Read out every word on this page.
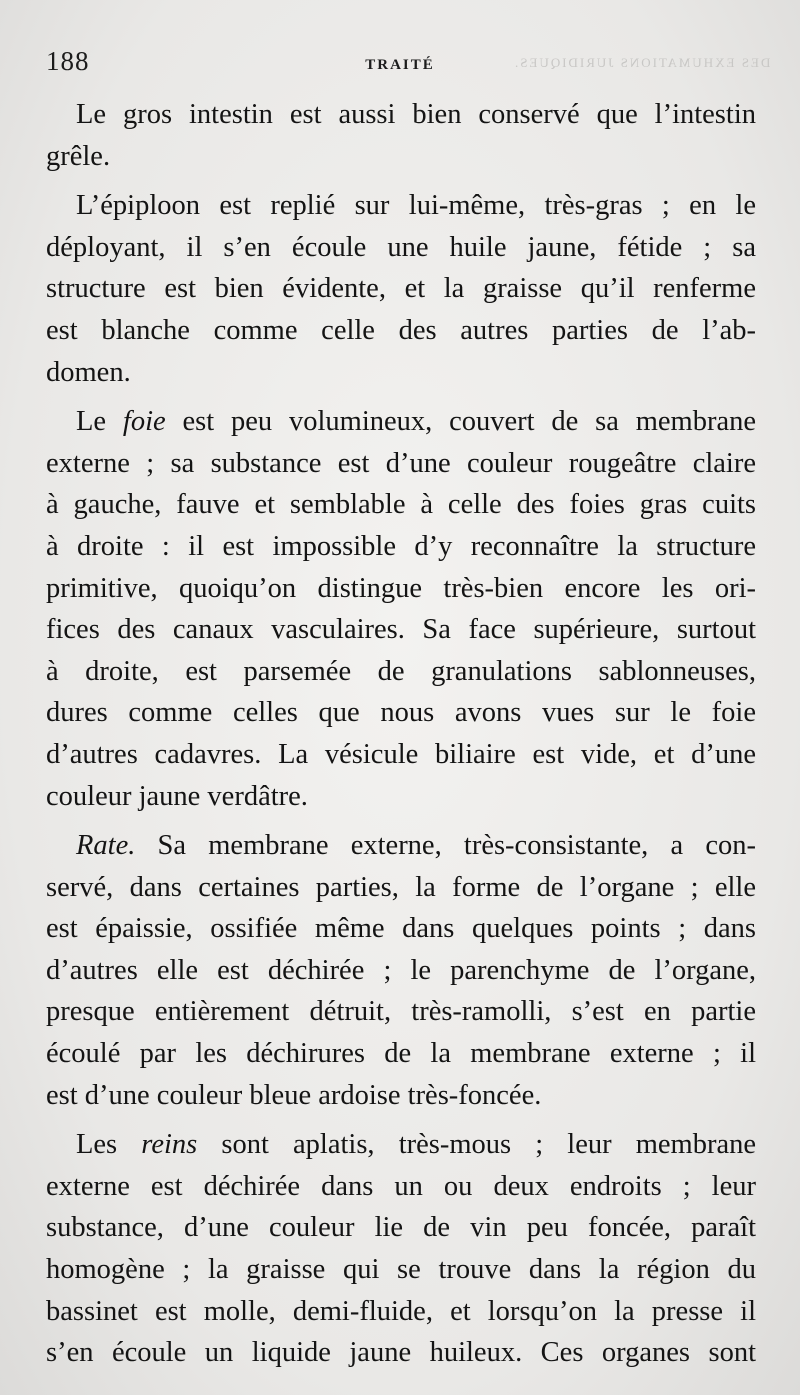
DES EXHUMATIONS JURIDIQUES.
188	TRAITÉ
Le gros intestin est aussi bien conservé que l’intestin
grêle.
L’épiploon est replié sur lui-même, très-gras ; en le
déployant, il s’en écoule une huile jaune, fétide ; sa
structure est bien évidente, et la graisse qu’il renferme
est blanche comme celle des autres parties de l’ab-
domen.
Le foie est peu volumineux, couvert de sa membrane
externe ; sa substance est d’une couleur rougeâtre claire
à gauche, fauve et semblable à celle des foies gras cuits
à droite : il est impossible d’y reconnaître la structure
primitive, quoiqu’on distingue très-bien encore les ori-
fices des canaux vasculaires. Sa face supérieure, surtout
à droite, est parsemée de granulations sablonneuses,
dures comme celles que nous avons vues sur le foie
d’autres cadavres. La vésicule biliaire est vide, et d’une
couleur jaune verdâtre.
Rate. Sa membrane externe, très-consistante, a con-
servé, dans certaines parties, la forme de l’organe ; elle
est épaissie, ossifiée même dans quelques points ; dans
d’autres elle est déchirée ; le parenchyme de l’organe,
presque entièrement détruit, très-ramolli, s’est en partie
écoulé par les déchirures de la membrane externe ; il
est d’une couleur bleue ardoise très-foncée.
Les reins sont aplatis, très-mous ; leur membrane
externe est déchirée dans un ou deux endroits ; leur
substance, d’une couleur lie de vin peu foncée, paraît
homogène ; la graisse qui se trouve dans la région du
bassinet est molle, demi-fluide, et lorsqu’on la presse il
s’en écoule un liquide jaune huileux. Ces organes sont
